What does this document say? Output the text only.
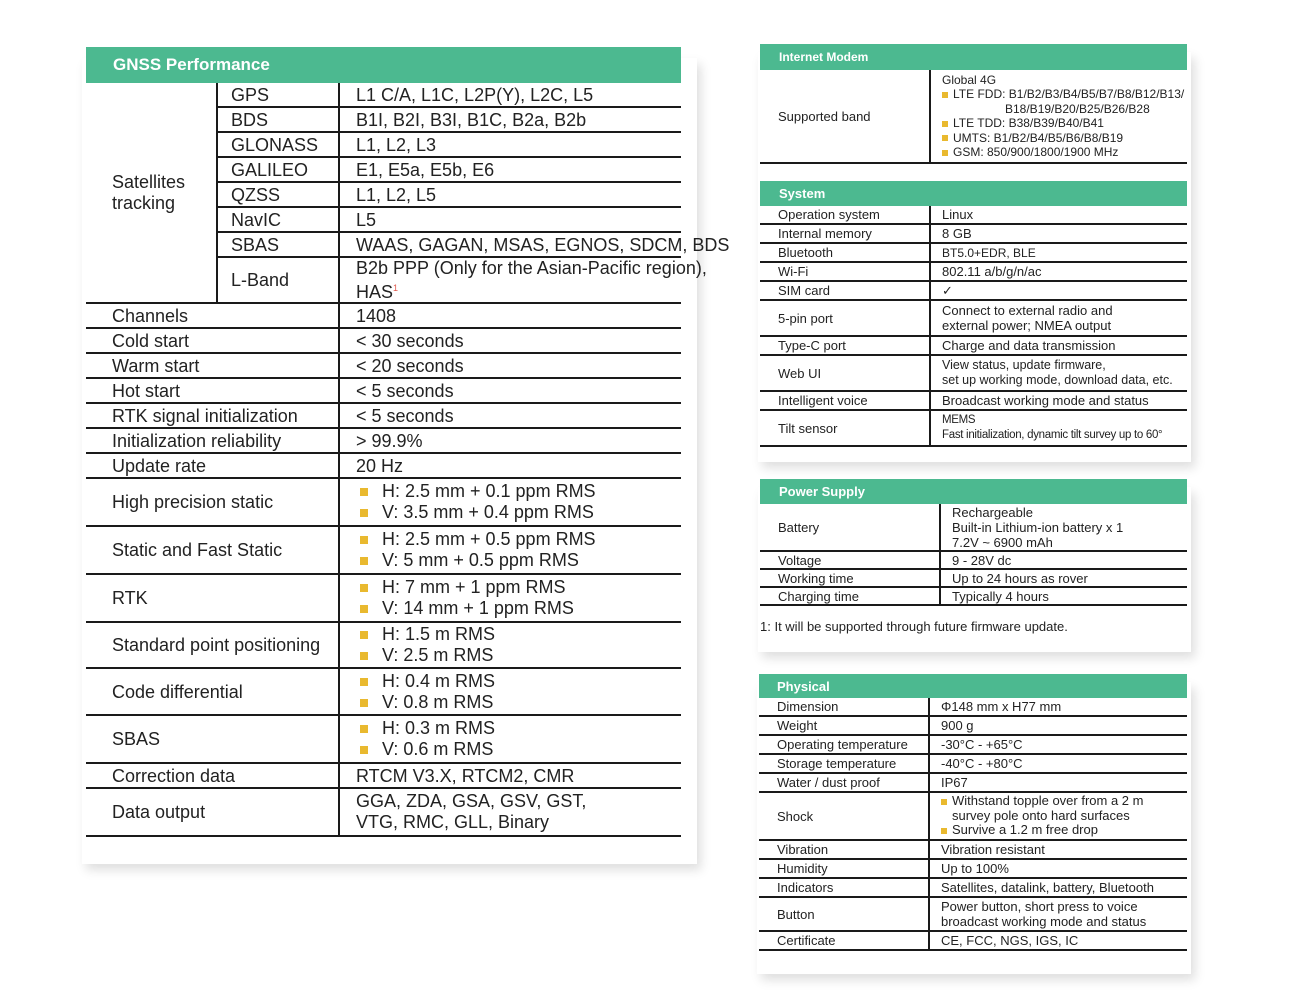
GNSS Performance
Satellites tracking	GPS	L1 C/A, L1C, L2P(Y), L2C, L5
	BDS	B1I, B2I, B3I, B1C, B2a, B2b
	GLONASS	L1, L2, L3
	GALILEO	E1, E5a, E5b, E6
	QZSS	L1, L2, L5
	NavIC	L5
	SBAS	WAAS, GAGAN, MSAS, EGNOS, SDCM, BDS
	L-Band	B2b PPP (Only for the Asian-Pacific region),
HAS$^1$
Channels		1408
Cold start		< 30 seconds
Warm start		< 20 seconds
Hot start		< 5 seconds
RTK signal initialization		< 5 seconds
Initialization reliability		> 99.9%
Update rate		20 Hz
High precision static		H: 2.5 mm + 0.1 ppm RMS
V: 3.5 mm + 0.4 ppm RMS
Static and Fast Static		H: 2.5 mm + 0.5 ppm RMS
V: 5 mm + 0.5 ppm RMS
RTK		H: 7 mm + 1 ppm RMS
V: 14 mm + 1 ppm RMS
Standard point positioning		H: 1.5 m RMS
V: 2.5 m RMS
Code differential		H: 0.4 m RMS
V: 0.8 m RMS
SBAS		H: 0.3 m RMS
V: 0.6 m RMS
Correction data		RTCM V3.X, RTCM2, CMR
Data output		GGA, ZDA, GSA, GSV, GST,
VTG, RMC, GLL, Binary
Internet Modem
Supported band	Global 4G
LTE FDD: B1/B2/B3/B4/B5/B7/B8/B12/B13/
B18/B19/B20/B25/B26/B28
LTE TDD: B38/B39/B40/B41
UMTS: B1/B2/B4/B5/B6/B8/B19
GSM: 850/900/1800/1900 MHz
System
Operation system	Linux
Internal memory	8 GB
Bluetooth	BT5.0+EDR, BLE
Wi-Fi	802.11 a/b/g/n/ac
SIM card	✓
5-pin port	Connect to external radio and
external power; NMEA output
Type-C port	Charge and data transmission
Web UI	View status, update firmware,
set up working mode, download data, etc.
Intelligent voice	Broadcast working mode and status
Tilt sensor	MEMS
Fast initialization, dynamic tilt survey up to 60°
Power Supply
Battery	Rechargeable
Built-in Lithium-ion battery x 1
7.2V ~ 6900 mAh
Voltage	9 - 28V dc
Working time	Up to 24 hours as rover
Charging time	Typically 4 hours
1: It will be supported through future firmware update.
Physical
Dimension	Φ148 mm x H77 mm
Weight	900 g
Operating temperature	-30°C - +65°C
Storage temperature	-40°C - +80°C
Water / dust proof	IP67
Shock	Withstand topple over from a 2 m
survey pole onto hard surfaces
Survive a 1.2 m free drop
Vibration	Vibration resistant
Humidity	Up to 100%
Indicators	Satellites, datalink, battery, Bluetooth
Button	Power button, short press to voice
broadcast working mode and status
Certificate	CE, FCC, NGS, IGS, IC
